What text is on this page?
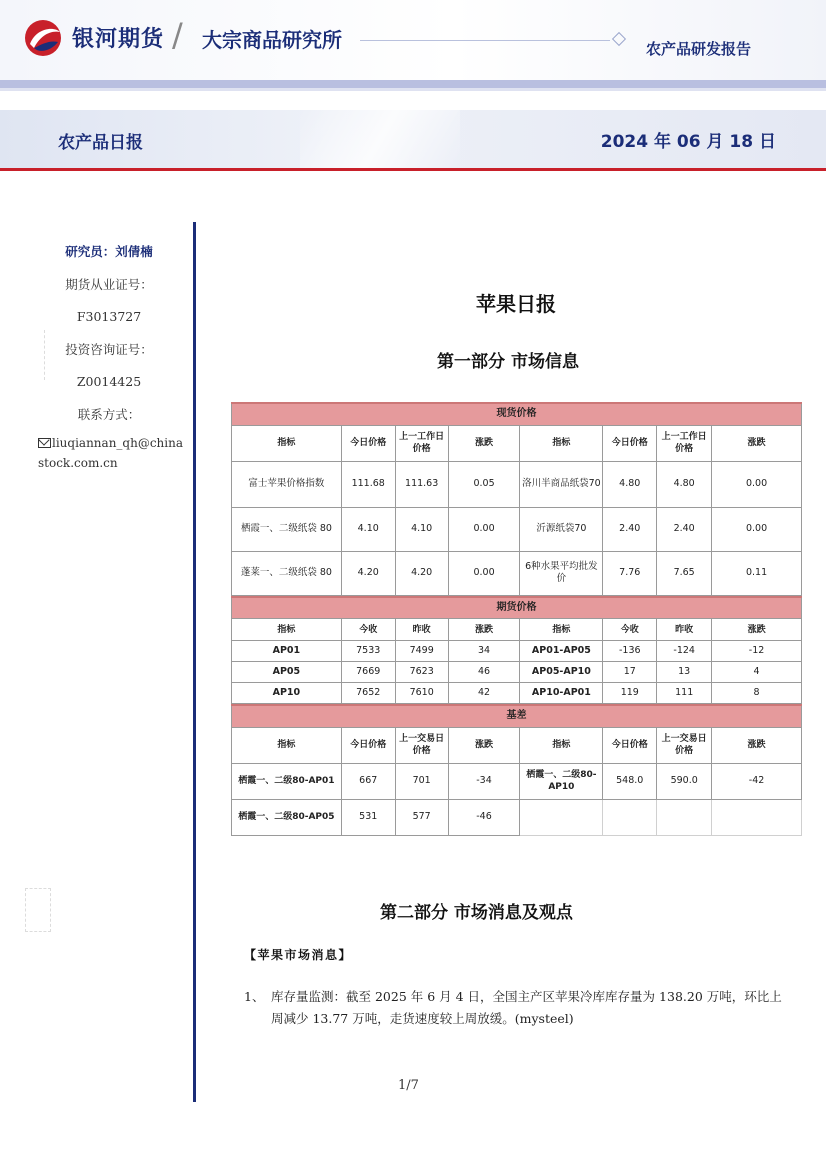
银河期货 / 大宗商品研究所	农产品研发报告
农产品日报	2024 年 06 月 18 日
研究员：刘倩楠
期货从业证号：
F3013727
投资咨询证号：
Z0014425
联系方式：
liuqiannan_qh@chinastock.com.cn
苹果日报
第一部分 市场信息
现货价格							
指标	今日价格	上一工作日价格	涨跌	指标	今日价格	上一工作日价格	涨跌
富士苹果价格指数	111.68	111.63	0.05	洛川半商品纸袋70	4.80	4.80	0.00
栖霞一、二级纸袋 80	4.10	4.10	0.00	沂源纸袋70	2.40	2.40	0.00
蓬莱一、二级纸袋 80	4.20	4.20	0.00	6种水果平均批发价	7.76	7.65	0.11
期货价格							
指标	今收	昨收	涨跌	指标	今收	昨收	涨跌
AP01	7533	7499	34	AP01-AP05	-136	-124	-12
AP05	7669	7623	46	AP05-AP10	17	13	4
AP10	7652	7610	42	AP10-AP01	119	111	8
基差							
指标	今日价格	上一交易日价格	涨跌	指标	今日价格	上一交易日价格	涨跌
栖霞一、二级80-AP01	667	701	-34	栖霞一、二级80-AP10	548.0	590.0	-42
栖霞一、二级80-AP05	531	577	-46				
第二部分 市场消息及观点
【苹果市场消息】
1、 库存量监测：截至 2025 年 6 月 4 日，全国主产区苹果冷库库存量为 138.20 万吨，环比上周减少 13.77 万吨，走货速度较上周放缓。(mysteel)
1/7
